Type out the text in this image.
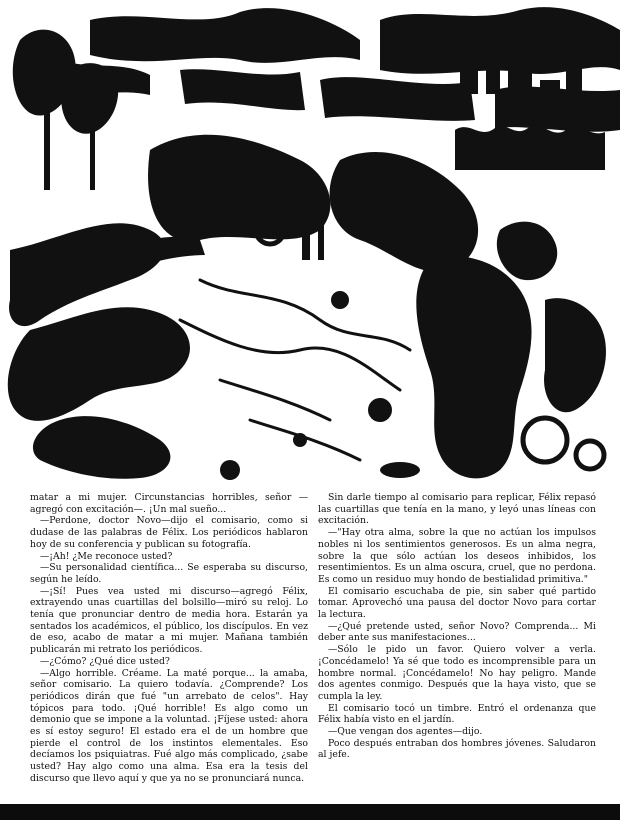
matar a mi mujer. Circunstancias horribles, señor —agregó con excitación—. ¡Un mal sueño...

—Perdone, doctor Novo—dijo el comisario, como si dudase de las palabras de Félix. Los periódicos hablaron hoy de su conferencia y publican su fotografía.

—¡Ah! ¿Me reconoce usted?

—Su personalidad científica... Se esperaba su discurso, según he leído.

—¡Sí! Pues vea usted mi discurso—agregó Félix, extrayendo unas cuartillas del bolsillo—miró su reloj. Lo tenía que pronunciar dentro de media hora. Estarán ya sentados los académicos, el público, los discípulos. En vez de eso, acabo de matar a mi mujer. Mañana también publicarán mi retrato los periódicos.

—¿Cómo? ¿Qué dice usted?

—Algo horrible. Créame. La maté porque... la amaba, señor comisario. La quiero todavía. ¿Comprende? Los periódicos dirán que fué "un arrebato de celos". Hay tópicos para todo. ¡Qué horrible! Es algo como un demonio que se impone a la voluntad. ¡Fíjese usted: ahora es sí estoy seguro! El estado era el de un hombre que pierde el control de los instintos elementales. Eso decíamos los psiquiatras. Fué algo más complicado, ¿sabe usted? Hay algo como una alma. Esa era la tesis del discurso que llevo aquí y que ya no se pronunciará nunca.

Sin darle tiempo al comisario para replicar, Félix repasó las cuartillas que tenía en la mano, y leyó unas líneas con excitación.

—"Hay otra alma, sobre la que no actúan los impulsos nobles ni los sentimientos generosos. Es un alma negra, sobre la que sólo actúan los deseos inhibidos, los resentimientos. Es un alma oscura, cruel, que no perdona. Es como un residuo muy hondo de bestialidad primitiva."

El comisario escuchaba de pie, sin saber qué partido tomar. Aprovechó una pausa del doctor Novo para cortar la lectura.

—¿Qué pretende usted, señor Novo? Comprenda... Mi deber ante sus manifestaciones...

—Sólo le pido un favor. Quiero volver a verla. ¡Concédamelo! Ya sé que todo es incomprensible para un hombre normal. ¡Concédamelo! No hay peligro. Mande dos agentes conmigo. Después que la haya visto, que se cumpla la ley.

El comisario tocó un timbre. Entró el ordenanza que Félix había visto en el jardín.

—Que vengan dos agentes—dijo.

Poco después entraban dos hombres jóvenes. Saludaron al jefe.
